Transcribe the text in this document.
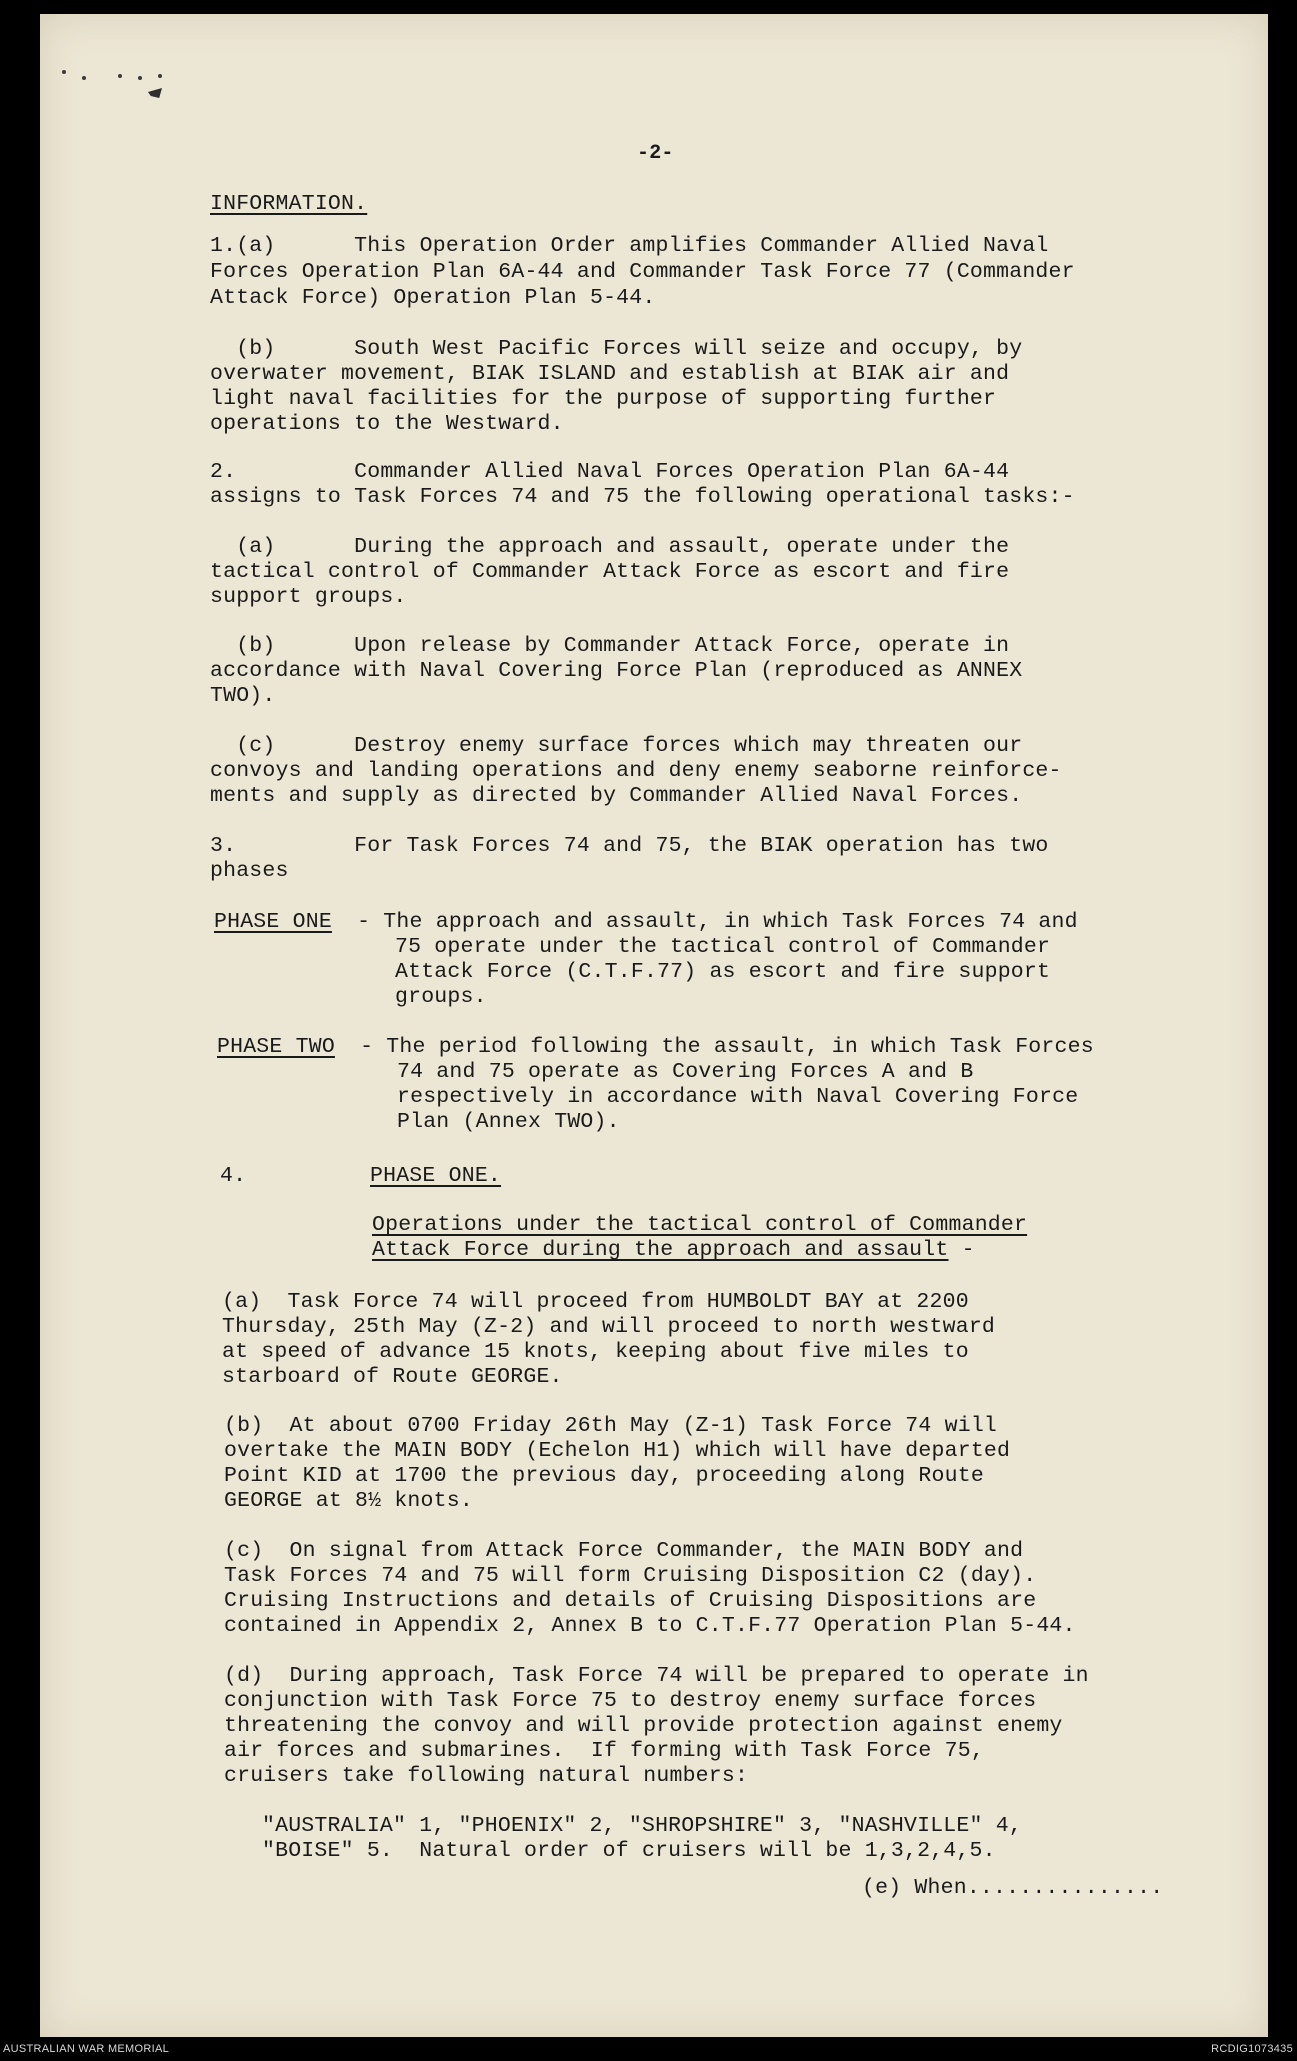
-2-
INFORMATION.
1.(a)      This Operation Order amplifies Commander Allied Naval
Forces Operation Plan 6A-44 and Commander Task Force 77 (Commander
Attack Force) Operation Plan 5-44.
(b)      South West Pacific Forces will seize and occupy, by
overwater movement, BIAK ISLAND and establish at BIAK air and
light naval facilities for the purpose of supporting further
operations to the Westward.
2.         Commander Allied Naval Forces Operation Plan 6A-44
assigns to Task Forces 74 and 75 the following operational tasks:-
(a)      During the approach and assault, operate under the
tactical control of Commander Attack Force as escort and fire
support groups.
(b)      Upon release by Commander Attack Force, operate in
accordance with Naval Covering Force Plan (reproduced as ANNEX
TWO).
(c)      Destroy enemy surface forces which may threaten our
convoys and landing operations and deny enemy seaborne reinforce-
ments and supply as directed by Commander Allied Naval Forces.
3.         For Task Forces 74 and 75, the BIAK operation has two
phases
PHASE ONE - The approach and assault, in which Task Forces 74 and
75 operate under the tactical control of Commander
Attack Force (C.T.F.77) as escort and fire support
groups.
PHASE TWO - The period following the assault, in which Task Forces
74 and 75 operate as Covering Forces A and B
respectively in accordance with Naval Covering Force
Plan (Annex TWO).
4.	PHASE ONE.
Operations under the tactical control of Commander
Attack Force during the approach and assault -
(a)  Task Force 74 will proceed from HUMBOLDT BAY at 2200
Thursday, 25th May (Z-2) and will proceed to north westward
at speed of advance 15 knots, keeping about five miles to
starboard of Route GEORGE.
(b)  At about 0700 Friday 26th May (Z-1) Task Force 74 will
overtake the MAIN BODY (Echelon H1) which will have departed
Point KID at 1700 the previous day, proceeding along Route
GEORGE at 8½ knots.
(c)  On signal from Attack Force Commander, the MAIN BODY and
Task Forces 74 and 75 will form Cruising Disposition C2 (day).
Cruising Instructions and details of Cruising Dispositions are
contained in Appendix 2, Annex B to C.T.F.77 Operation Plan 5-44.
(d)  During approach, Task Force 74 will be prepared to operate in
conjunction with Task Force 75 to destroy enemy surface forces
threatening the convoy and will provide protection against enemy
air forces and submarines.  If forming with Task Force 75,
cruisers take following natural numbers:
"AUSTRALIA" 1, "PHOENIX" 2, "SHROPSHIRE" 3, "NASHVILLE" 4,
"BOISE" 5.  Natural order of cruisers will be 1,3,2,4,5.
(e) When...............
AUSTRALIAN WAR MEMORIAL	RCDIG1073435
